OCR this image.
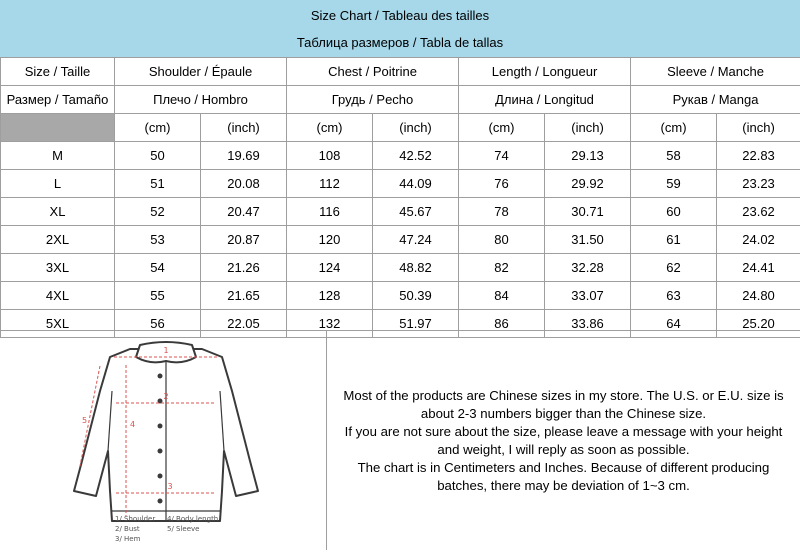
Size Chart / Tableau des tailles
Таблица размеров / Tabla de tallas
Size / Taille	Shoulder / Épaule		Chest / Poitrine		Length / Longueur		Sleeve / Manche	
Размер / Tamaño	Плечо / Hombro		Грудь / Pecho		Длина / Longitud		Рукав / Manga	
	(cm)	(inch)	(cm)	(inch)	(cm)	(inch)	(cm)	(inch)
M	50	19.69	108	42.52	74	29.13	58	22.83
L	51	20.08	112	44.09	76	29.92	59	23.23
XL	52	20.47	116	45.67	78	30.71	60	23.62
2XL	53	20.87	120	47.24	80	31.50	61	24.02
3XL	54	21.26	124	48.82	82	32.28	62	24.41
4XL	55	21.65	128	50.39	84	33.07	63	24.80
5XL	56	22.05	132	51.97	86	33.86	64	25.20
1
2
3
4
5
1/ Shoulder 4/ Body length
2/ Bust	5/ Sleeve
3/ Hem
Most of the products are Chinese sizes in my store. The U.S. or E.U. size is
about 2-3 numbers bigger than the Chinese size.
If you are not sure about the size, please leave a message with your height
and weight, I will reply as soon as possible.
The chart is in Centimeters and Inches. Because of different producing
batches, there may be deviation of 1~3 cm.
